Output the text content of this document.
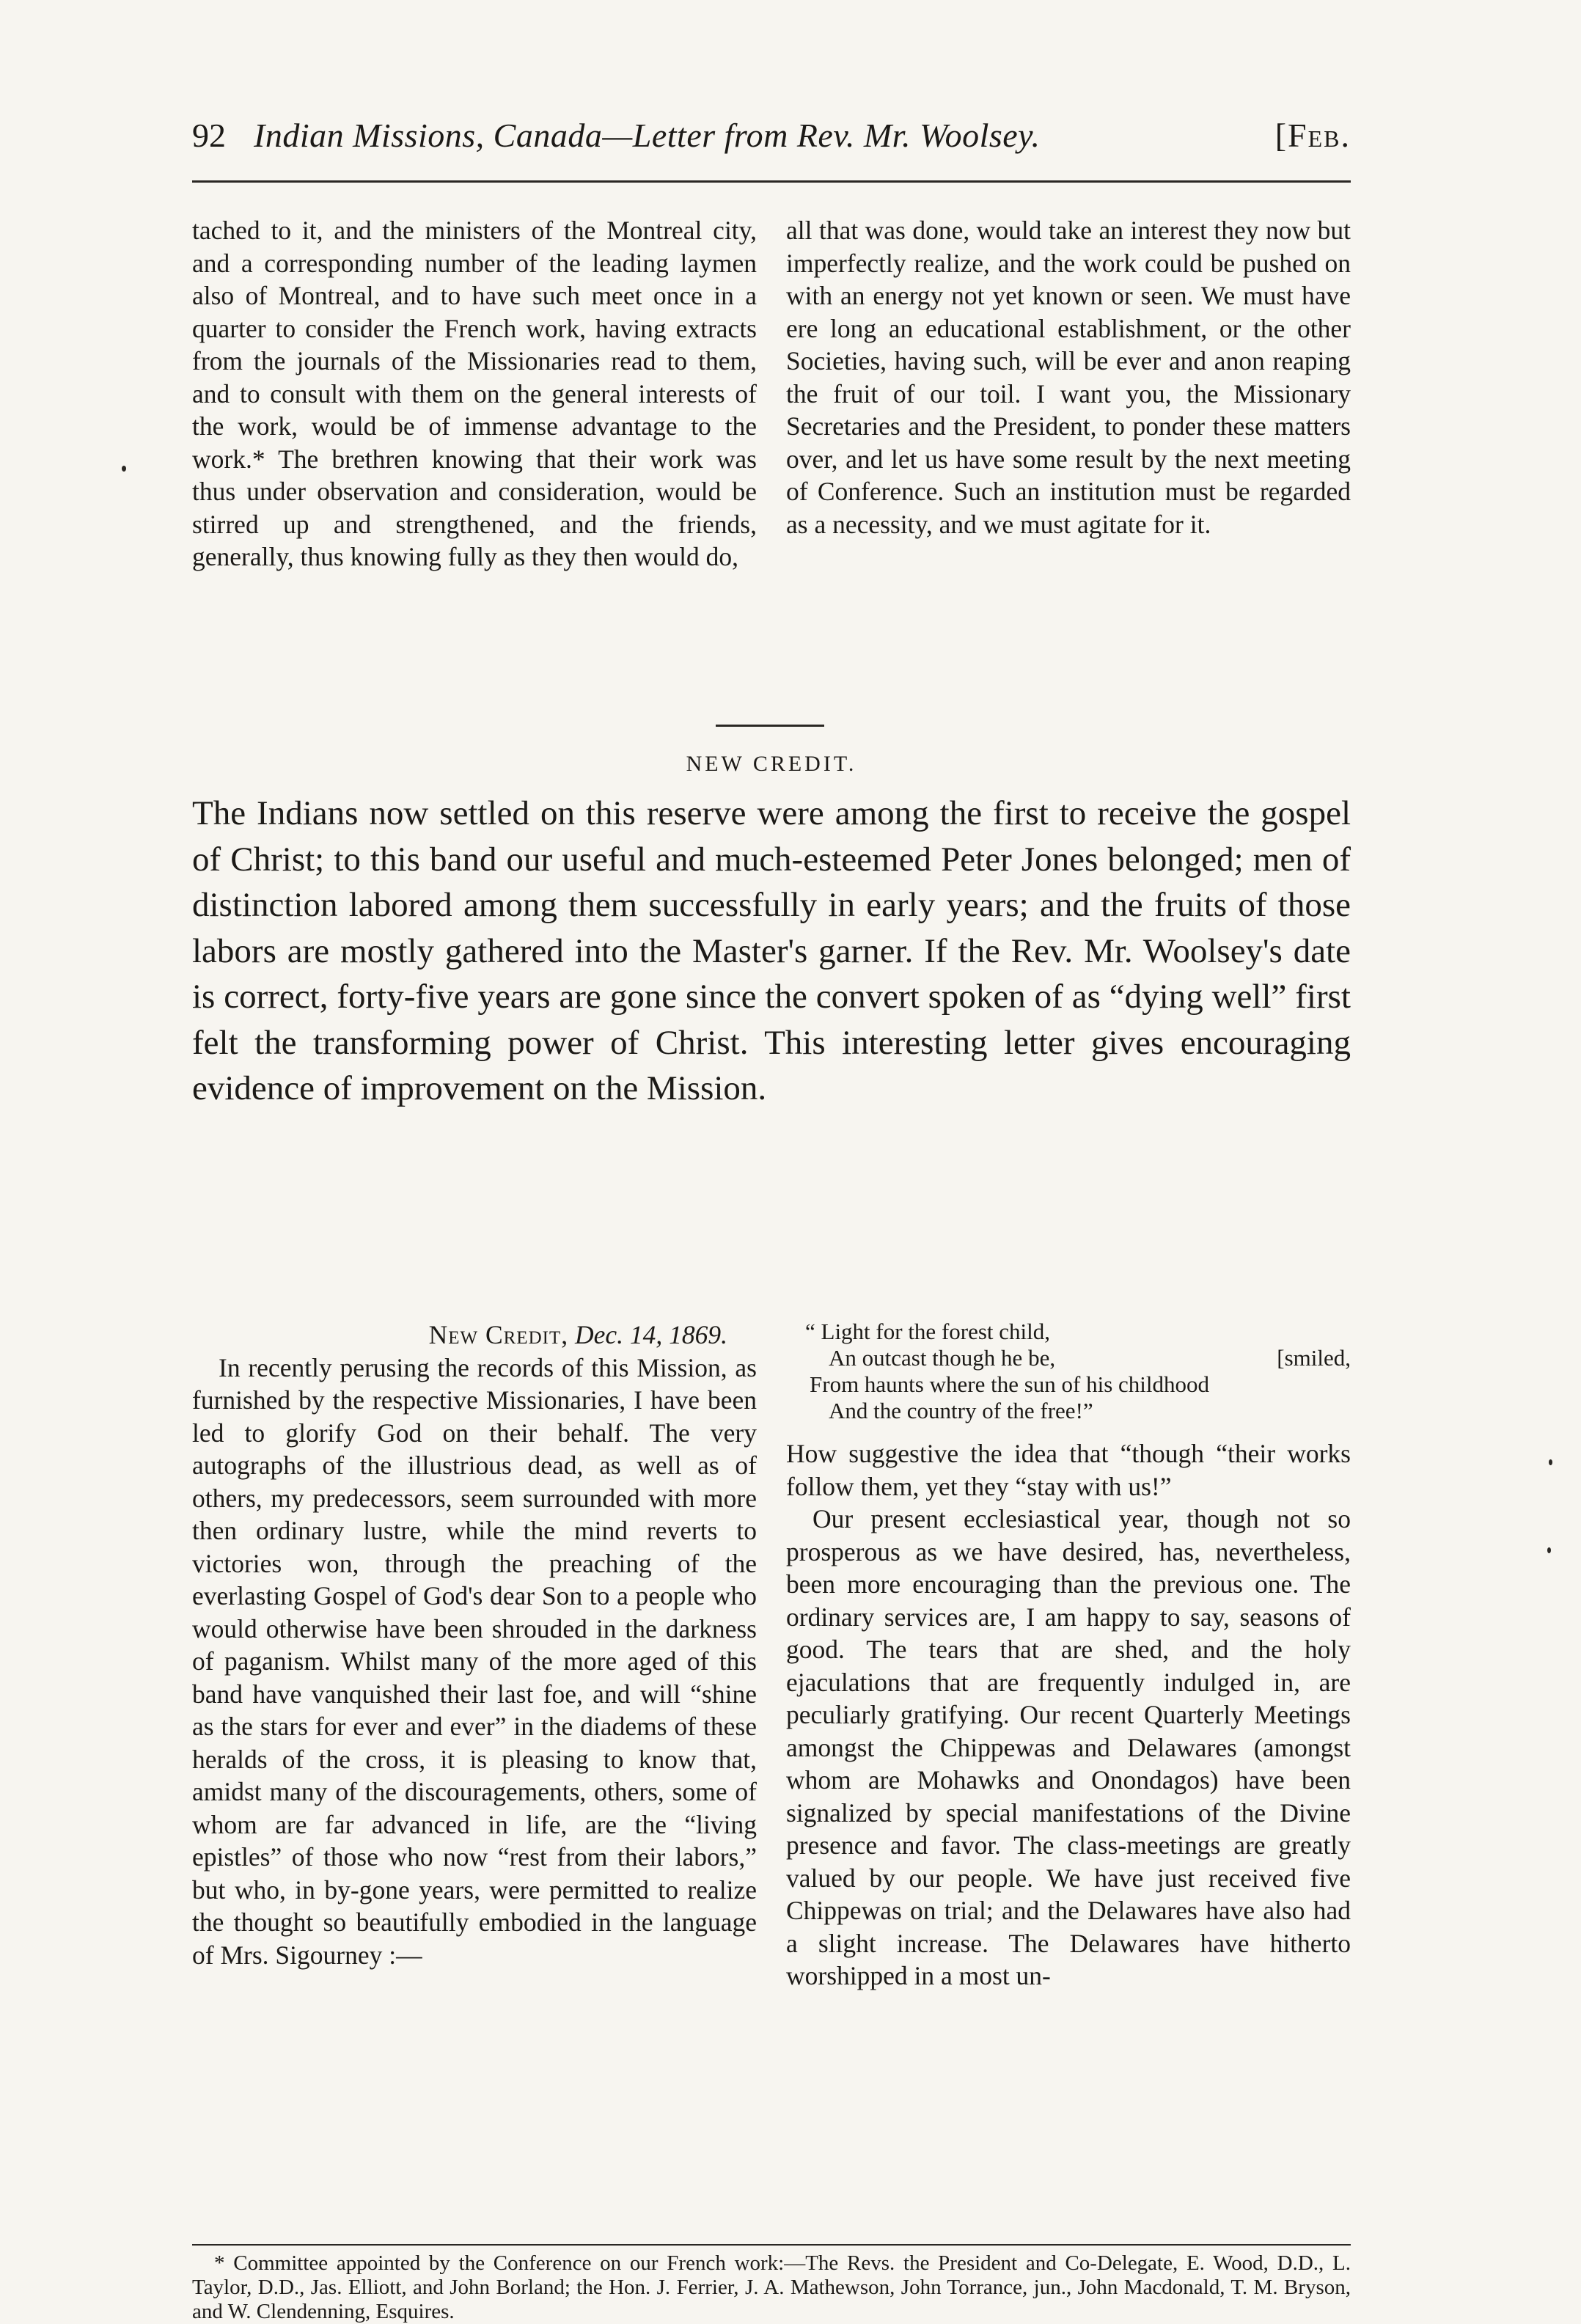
92 Indian Missions, Canada—Letter from Rev. Mr. Woolsey.	[Feb.

tached to it, and the ministers of the Montreal city, and a corresponding number of the leading laymen also of Montreal, and to have such meet once in a quarter to consider the French work, having extracts from the journals of the Missionaries read to them, and to consult with them on the general interests of the work, would be of immense advantage to the work.* The brethren knowing that their work was thus under observation and consideration, would be stirred up and strengthened, and the friends, generally, thus knowing fully as they then would do,

all that was done, would take an interest they now but imperfectly realize, and the work could be pushed on with an energy not yet known or seen. We must have ere long an educational establishment, or the other Societies, having such, will be ever and anon reaping the fruit of our toil. I want you, the Missionary Secretaries and the President, to ponder these matters over, and let us have some result by the next meeting of Conference. Such an institution must be regarded as a necessity, and we must agitate for it.

NEW CREDIT.

The Indians now settled on this reserve were among the first to receive the gospel of Christ; to this band our useful and much-esteemed Peter Jones belonged; men of distinction labored among them successfully in early years; and the fruits of those labors are mostly gathered into the Master's garner. If the Rev. Mr. Woolsey's date is correct, forty-five years are gone since the convert spoken of as “dying well” first felt the transforming power of Christ. This interesting letter gives encouraging evidence of improvement on the Mission.

New Credit, Dec. 14, 1869.

In recently perusing the records of this Mission, as furnished by the respective Missionaries, I have been led to glorify God on their behalf. The very autographs of the illustrious dead, as well as of others, my predecessors, seem surrounded with more then ordinary lustre, while the mind reverts to victories won, through the preaching of the everlasting Gospel of God's dear Son to a people who would otherwise have been shrouded in the darkness of paganism. Whilst many of the more aged of this band have vanquished their last foe, and will “shine as the stars for ever and ever” in the diadems of these heralds of the cross, it is pleasing to know that, amidst many of the discouragements, others, some of whom are far advanced in life, are the “living epistles” of those who now “rest from their labors,” but who, in by-gone years, were permitted to realize the thought so beautifully embodied in the language of Mrs. Sigourney :—

“ Light for the forest child,
An outcast though he be,	[smiled,
From haunts where the sun of his childhood
And the country of the free!”

How suggestive the idea that “though “their works follow them, yet they “stay with us!”

Our present ecclesiastical year, though not so prosperous as we have desired, has, nevertheless, been more encouraging than the previous one. The ordinary services are, I am happy to say, seasons of good. The tears that are shed, and the holy ejaculations that are frequently indulged in, are peculiarly gratifying. Our recent Quarterly Meetings amongst the Chippewas and Delawares (amongst whom are Mohawks and Onondagos) have been signalized by special manifestations of the Divine presence and favor. The class-meetings are greatly valued by our people. We have just received five Chippewas on trial; and the Delawares have also had a slight increase. The Delawares have hitherto worshipped in a most un-

* Committee appointed by the Conference on our French work:—The Revs. the President and Co-Delegate, E. Wood, D.D., L. Taylor, D.D., Jas. Elliott, and John Borland; the Hon. J. Ferrier, J. A. Mathewson, John Torrance, jun., John Macdonald, T. M. Bryson, and W. Clendenning, Esquires.
